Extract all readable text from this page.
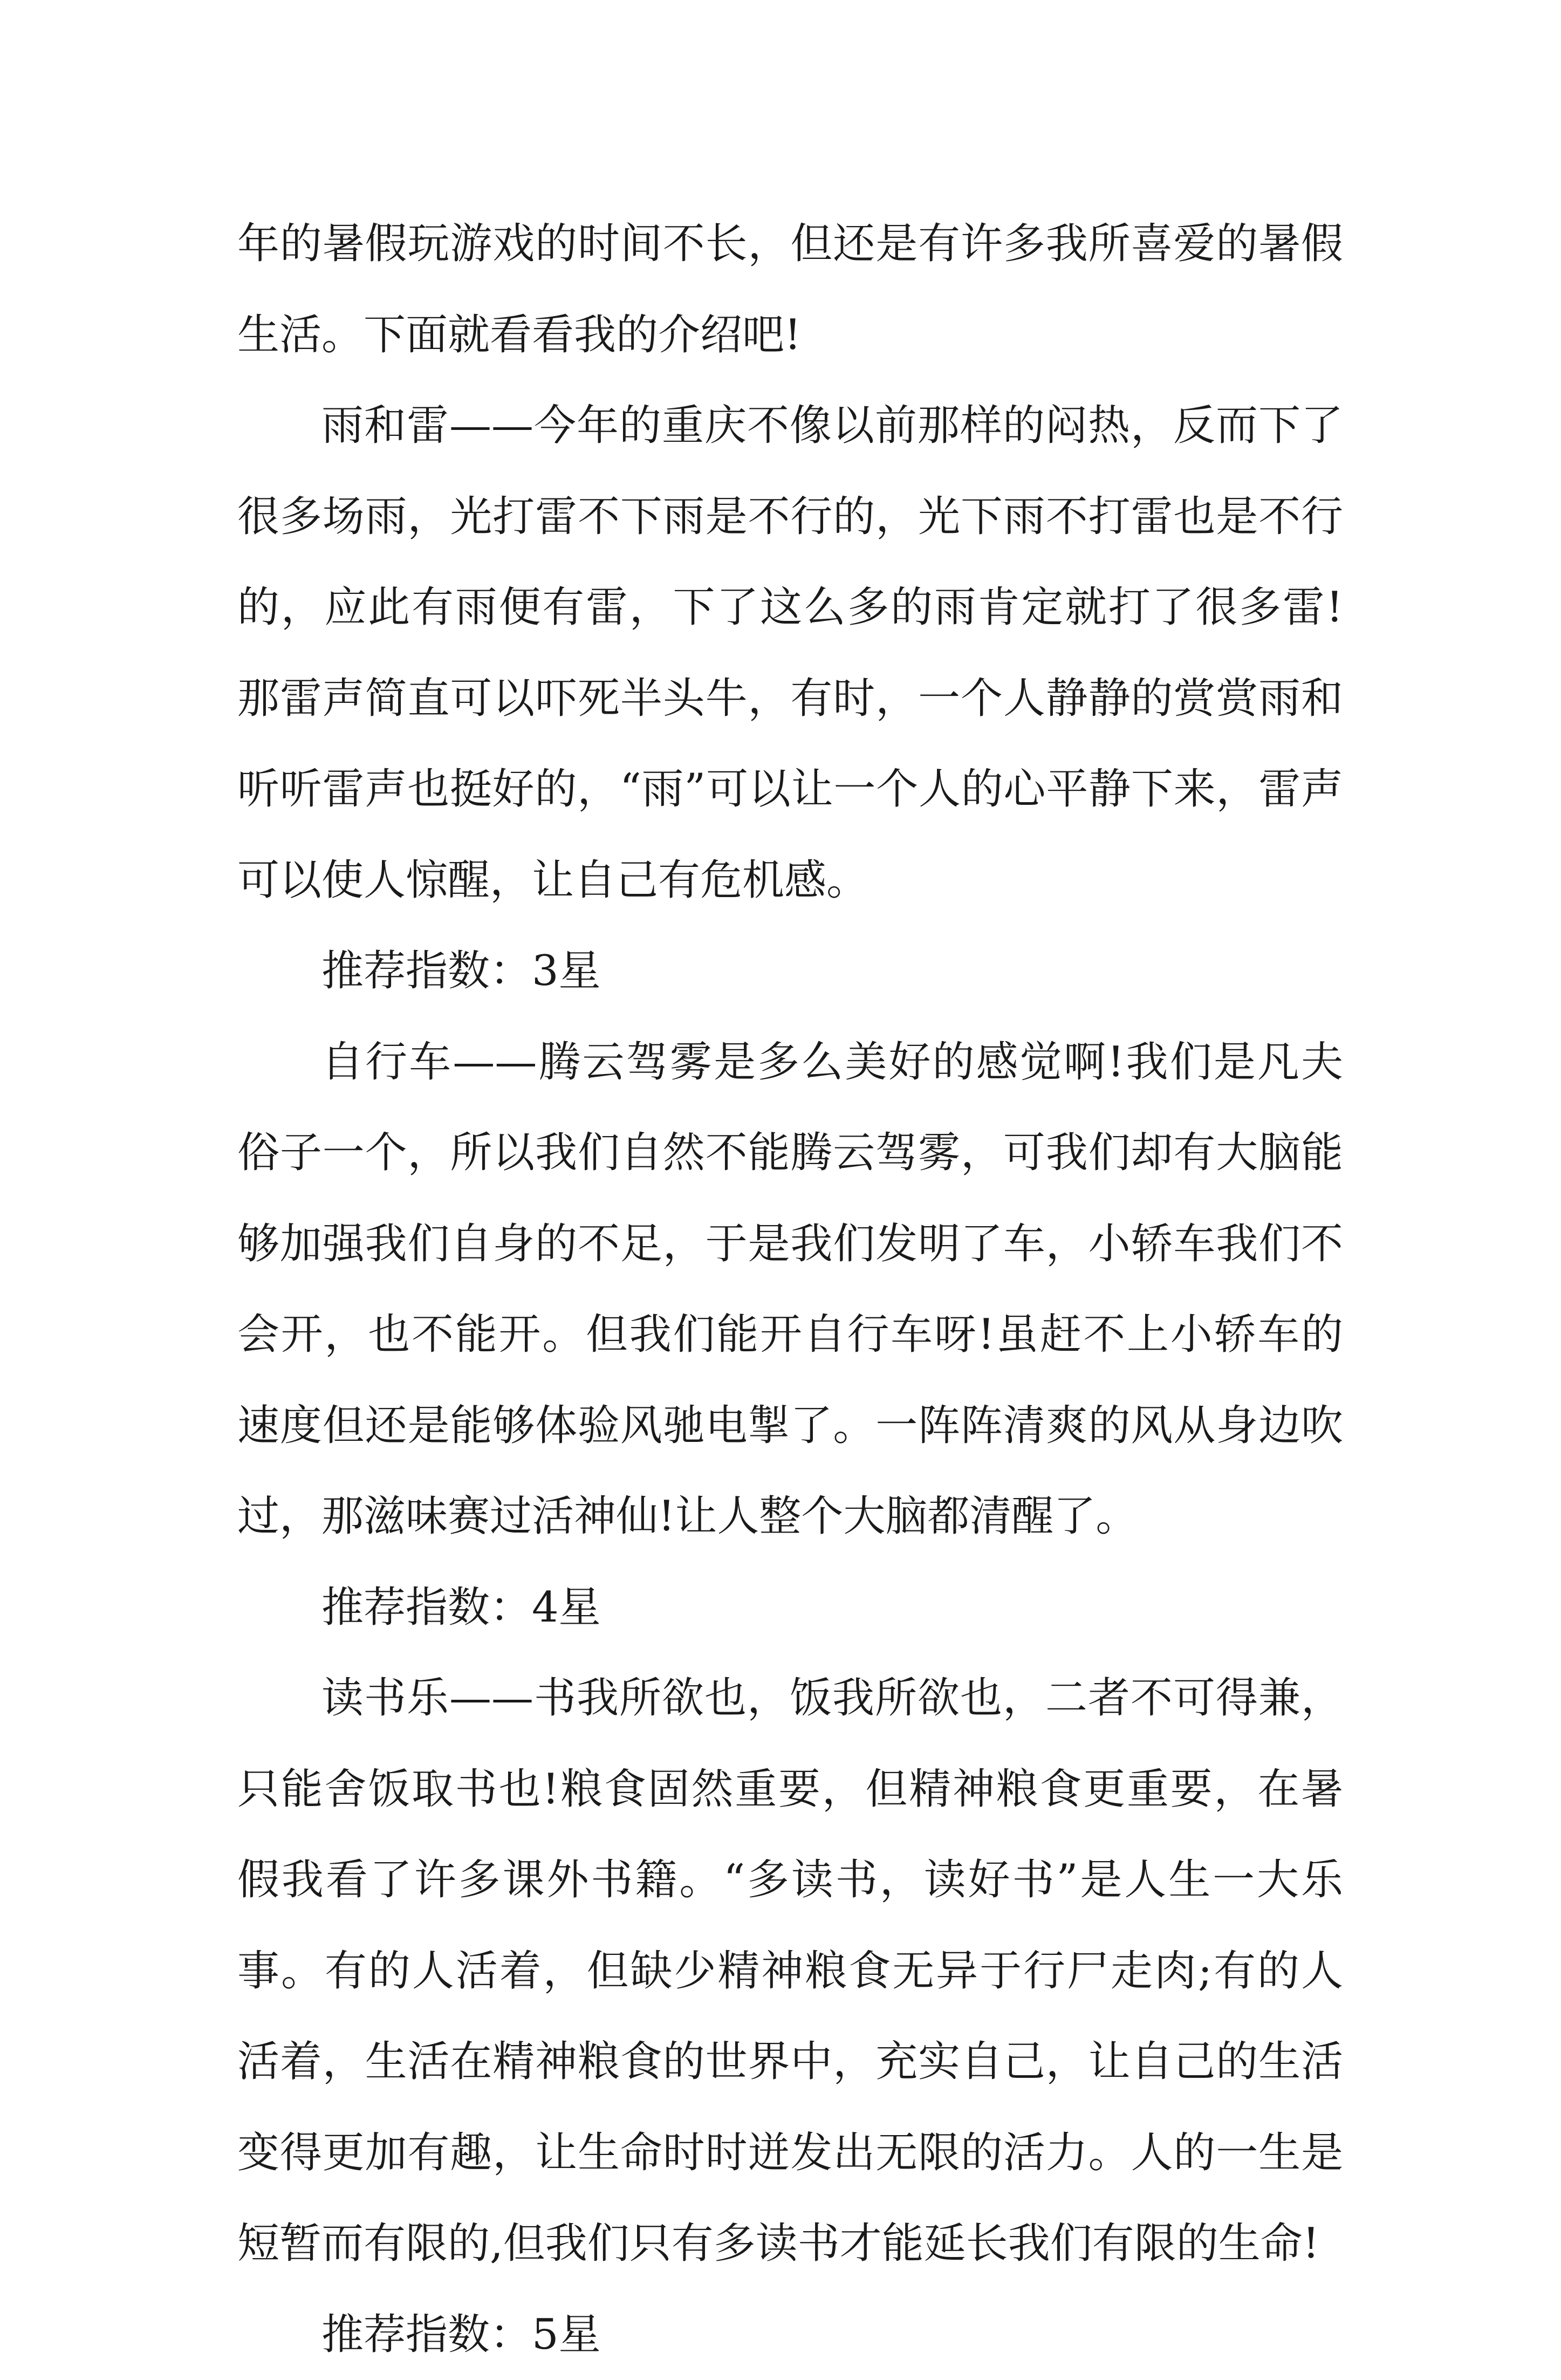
年的暑假玩游戏的时间不长，但还是有许多我所喜爱的暑假生活。下面就看看我的介绍吧!

雨和雷——今年的重庆不像以前那样的闷热，反而下了很多场雨，光打雷不下雨是不行的，光下雨不打雷也是不行的，应此有雨便有雷，下了这么多的雨肯定就打了很多雷!那雷声简直可以吓死半头牛，有时，一个人静静的赏赏雨和听听雷声也挺好的，“雨”可以让一个人的心平静下来，雷声可以使人惊醒，让自己有危机感。

推荐指数：3星

自行车——腾云驾雾是多么美好的感觉啊!我们是凡夫俗子一个，所以我们自然不能腾云驾雾，可我们却有大脑能够加强我们自身的不足，于是我们发明了车，小轿车我们不会开，也不能开。但我们能开自行车呀!虽赶不上小轿车的速度但还是能够体验风驰电掣了。一阵阵清爽的风从身边吹过，那滋味赛过活神仙!让人整个大脑都清醒了。

推荐指数：4星

读书乐——书我所欲也，饭我所欲也，二者不可得兼，只能舍饭取书也!粮食固然重要，但精神粮食更重要，在暑假我看了许多课外书籍。“多读书，读好书”是人生一大乐事。有的人活着，但缺少精神粮食无异于行尸走肉;有的人活着，生活在精神粮食的世界中，充实自己，让自己的生活变得更加有趣，让生命时时迸发出无限的活力。人的一生是短暂而有限的,但我们只有多读书才能延长我们有限的生命!

推荐指数：5星
